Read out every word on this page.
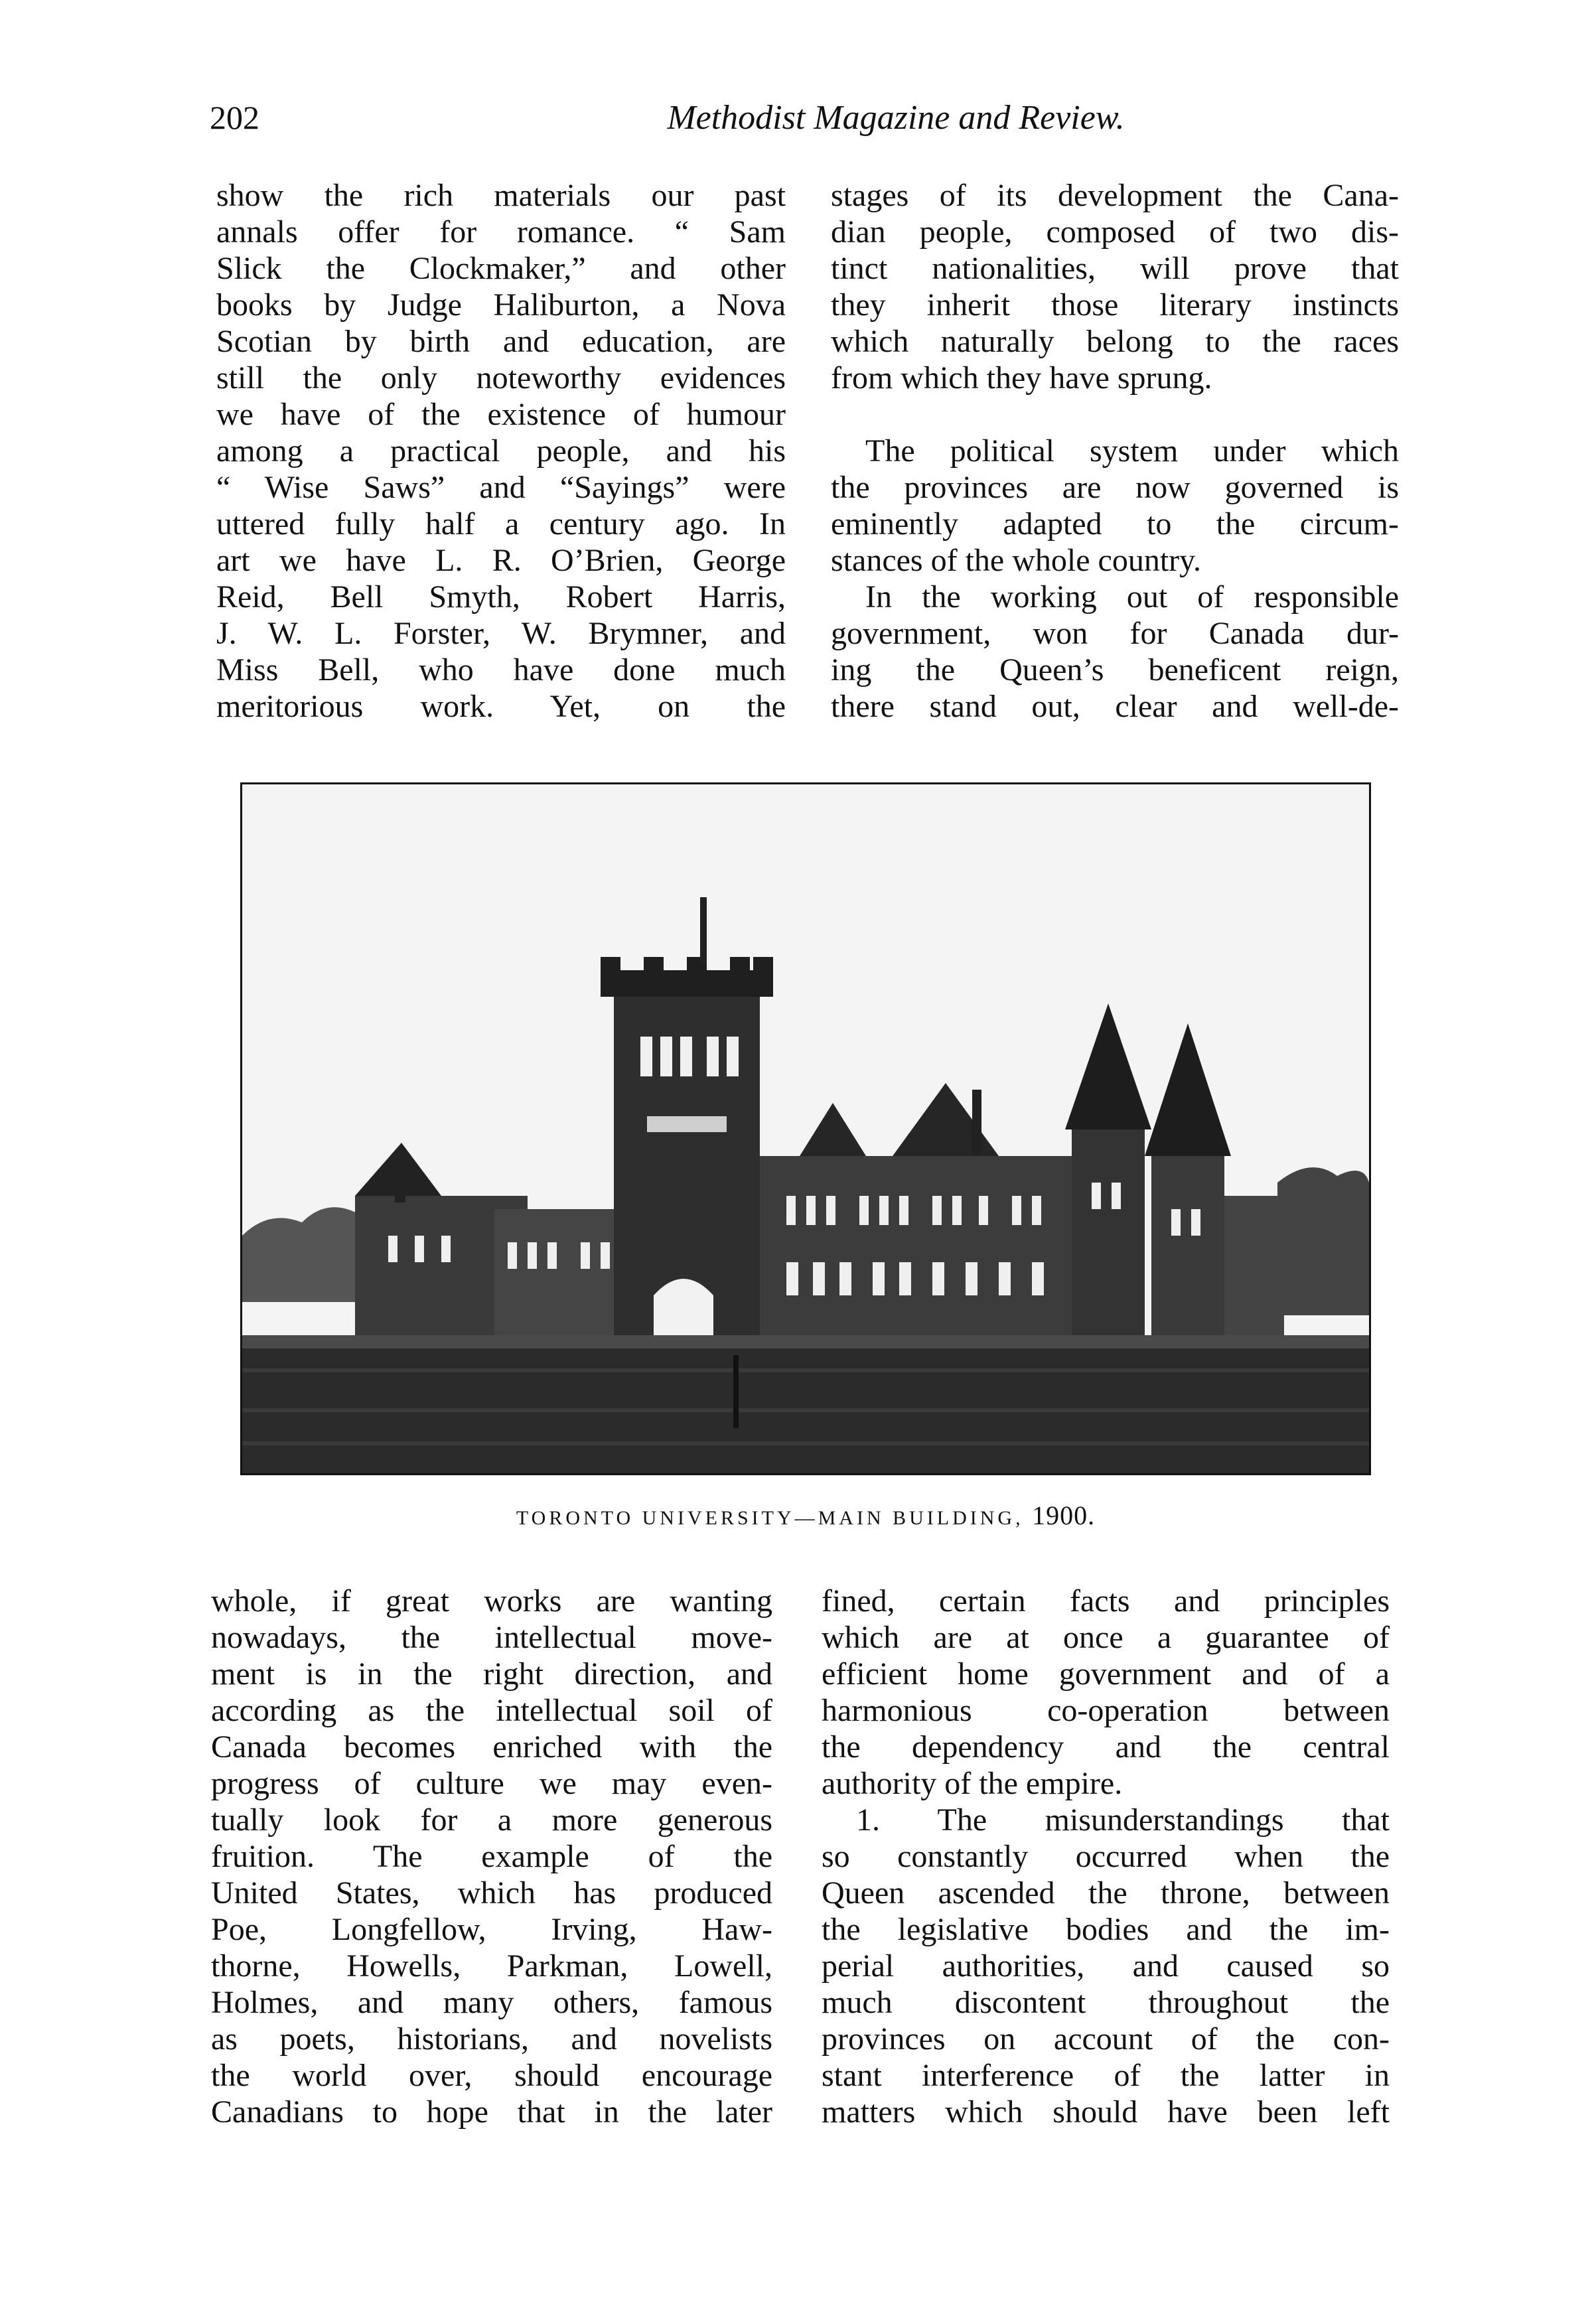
202	Methodist Magazine and Review.
show the rich materials our past
annals offer for romance. “ Sam
Slick the Clockmaker,” and other
books by Judge Haliburton, a Nova
Scotian by birth and education, are
still the only noteworthy evidences
we have of the existence of humour
among a practical people, and his
“ Wise Saws” and “Sayings” were
uttered fully half a century ago. In
art we have L. R. O’Brien, George
Reid, Bell Smyth, Robert Harris,
J. W. L. Forster, W. Brymner, and
Miss Bell, who have done much
meritorious work. Yet, on the
stages of its development the Cana-
dian people, composed of two dis-
tinct nationalities, will prove that
they inherit those literary instincts
which naturally belong to the races
from which they have sprung.
The political system under which
the provinces are now governed is
eminently adapted to the circum-
stances of the whole country.
In the working out of responsible
government, won for Canada dur-
ing the Queen’s beneficent reign,
there stand out, clear and well-de-
TORONTO UNIVERSITY—MAIN BUILDING, 1900.
whole, if great works are wanting
nowadays, the intellectual move-
ment is in the right direction, and
according as the intellectual soil of
Canada becomes enriched with the
progress of culture we may even-
tually look for a more generous
fruition. The example of the
United States, which has produced
Poe, Longfellow, Irving, Haw-
thorne, Howells, Parkman, Lowell,
Holmes, and many others, famous
as poets, historians, and novelists
the world over, should encourage
Canadians to hope that in the later
fined, certain facts and principles
which are at once a guarantee of
efficient home government and of a
harmonious co-operation between
the dependency and the central
authority of the empire.
1. The misunderstandings that
so constantly occurred when the
Queen ascended the throne, between
the legislative bodies and the im-
perial authorities, and caused so
much discontent throughout the
provinces on account of the con-
stant interference of the latter in
matters which should have been left
